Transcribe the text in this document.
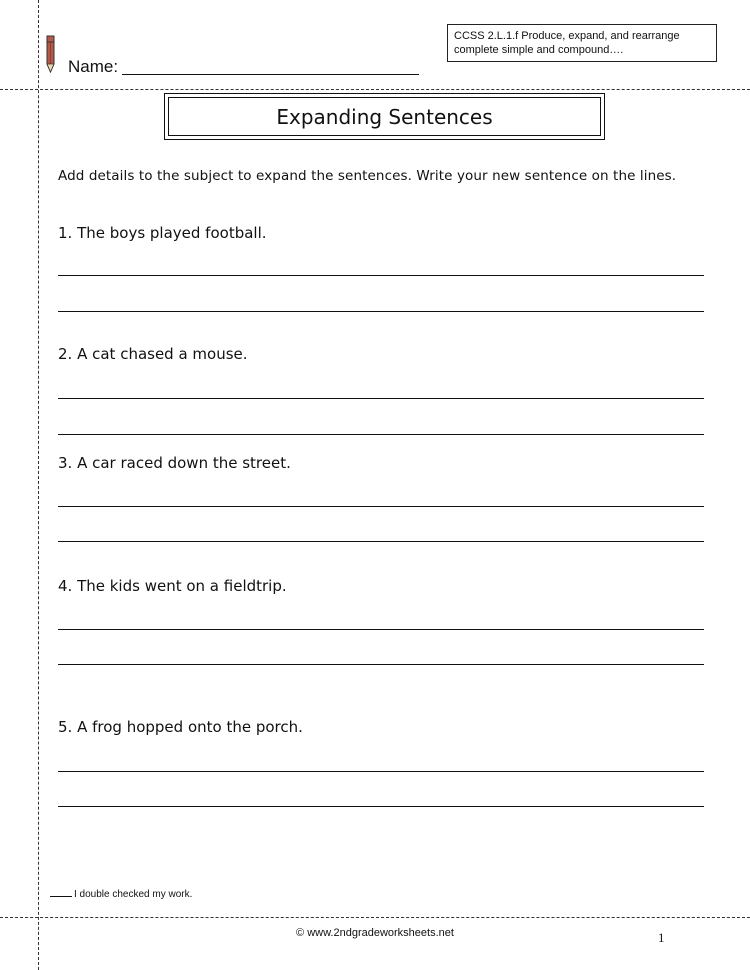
CCSS 2.L.1.f Produce, expand, and rearrange complete simple and compound….
Name:
Expanding Sentences
Add details to the subject to expand the sentences. Write your new sentence on the lines.
1. The boys played football.
2. A cat chased a mouse.
3. A car raced down the street.
4. The kids went on a fieldtrip.
5. A frog hopped onto the porch.
I double checked my work.
© www.2ndgradeworksheets.net	1
